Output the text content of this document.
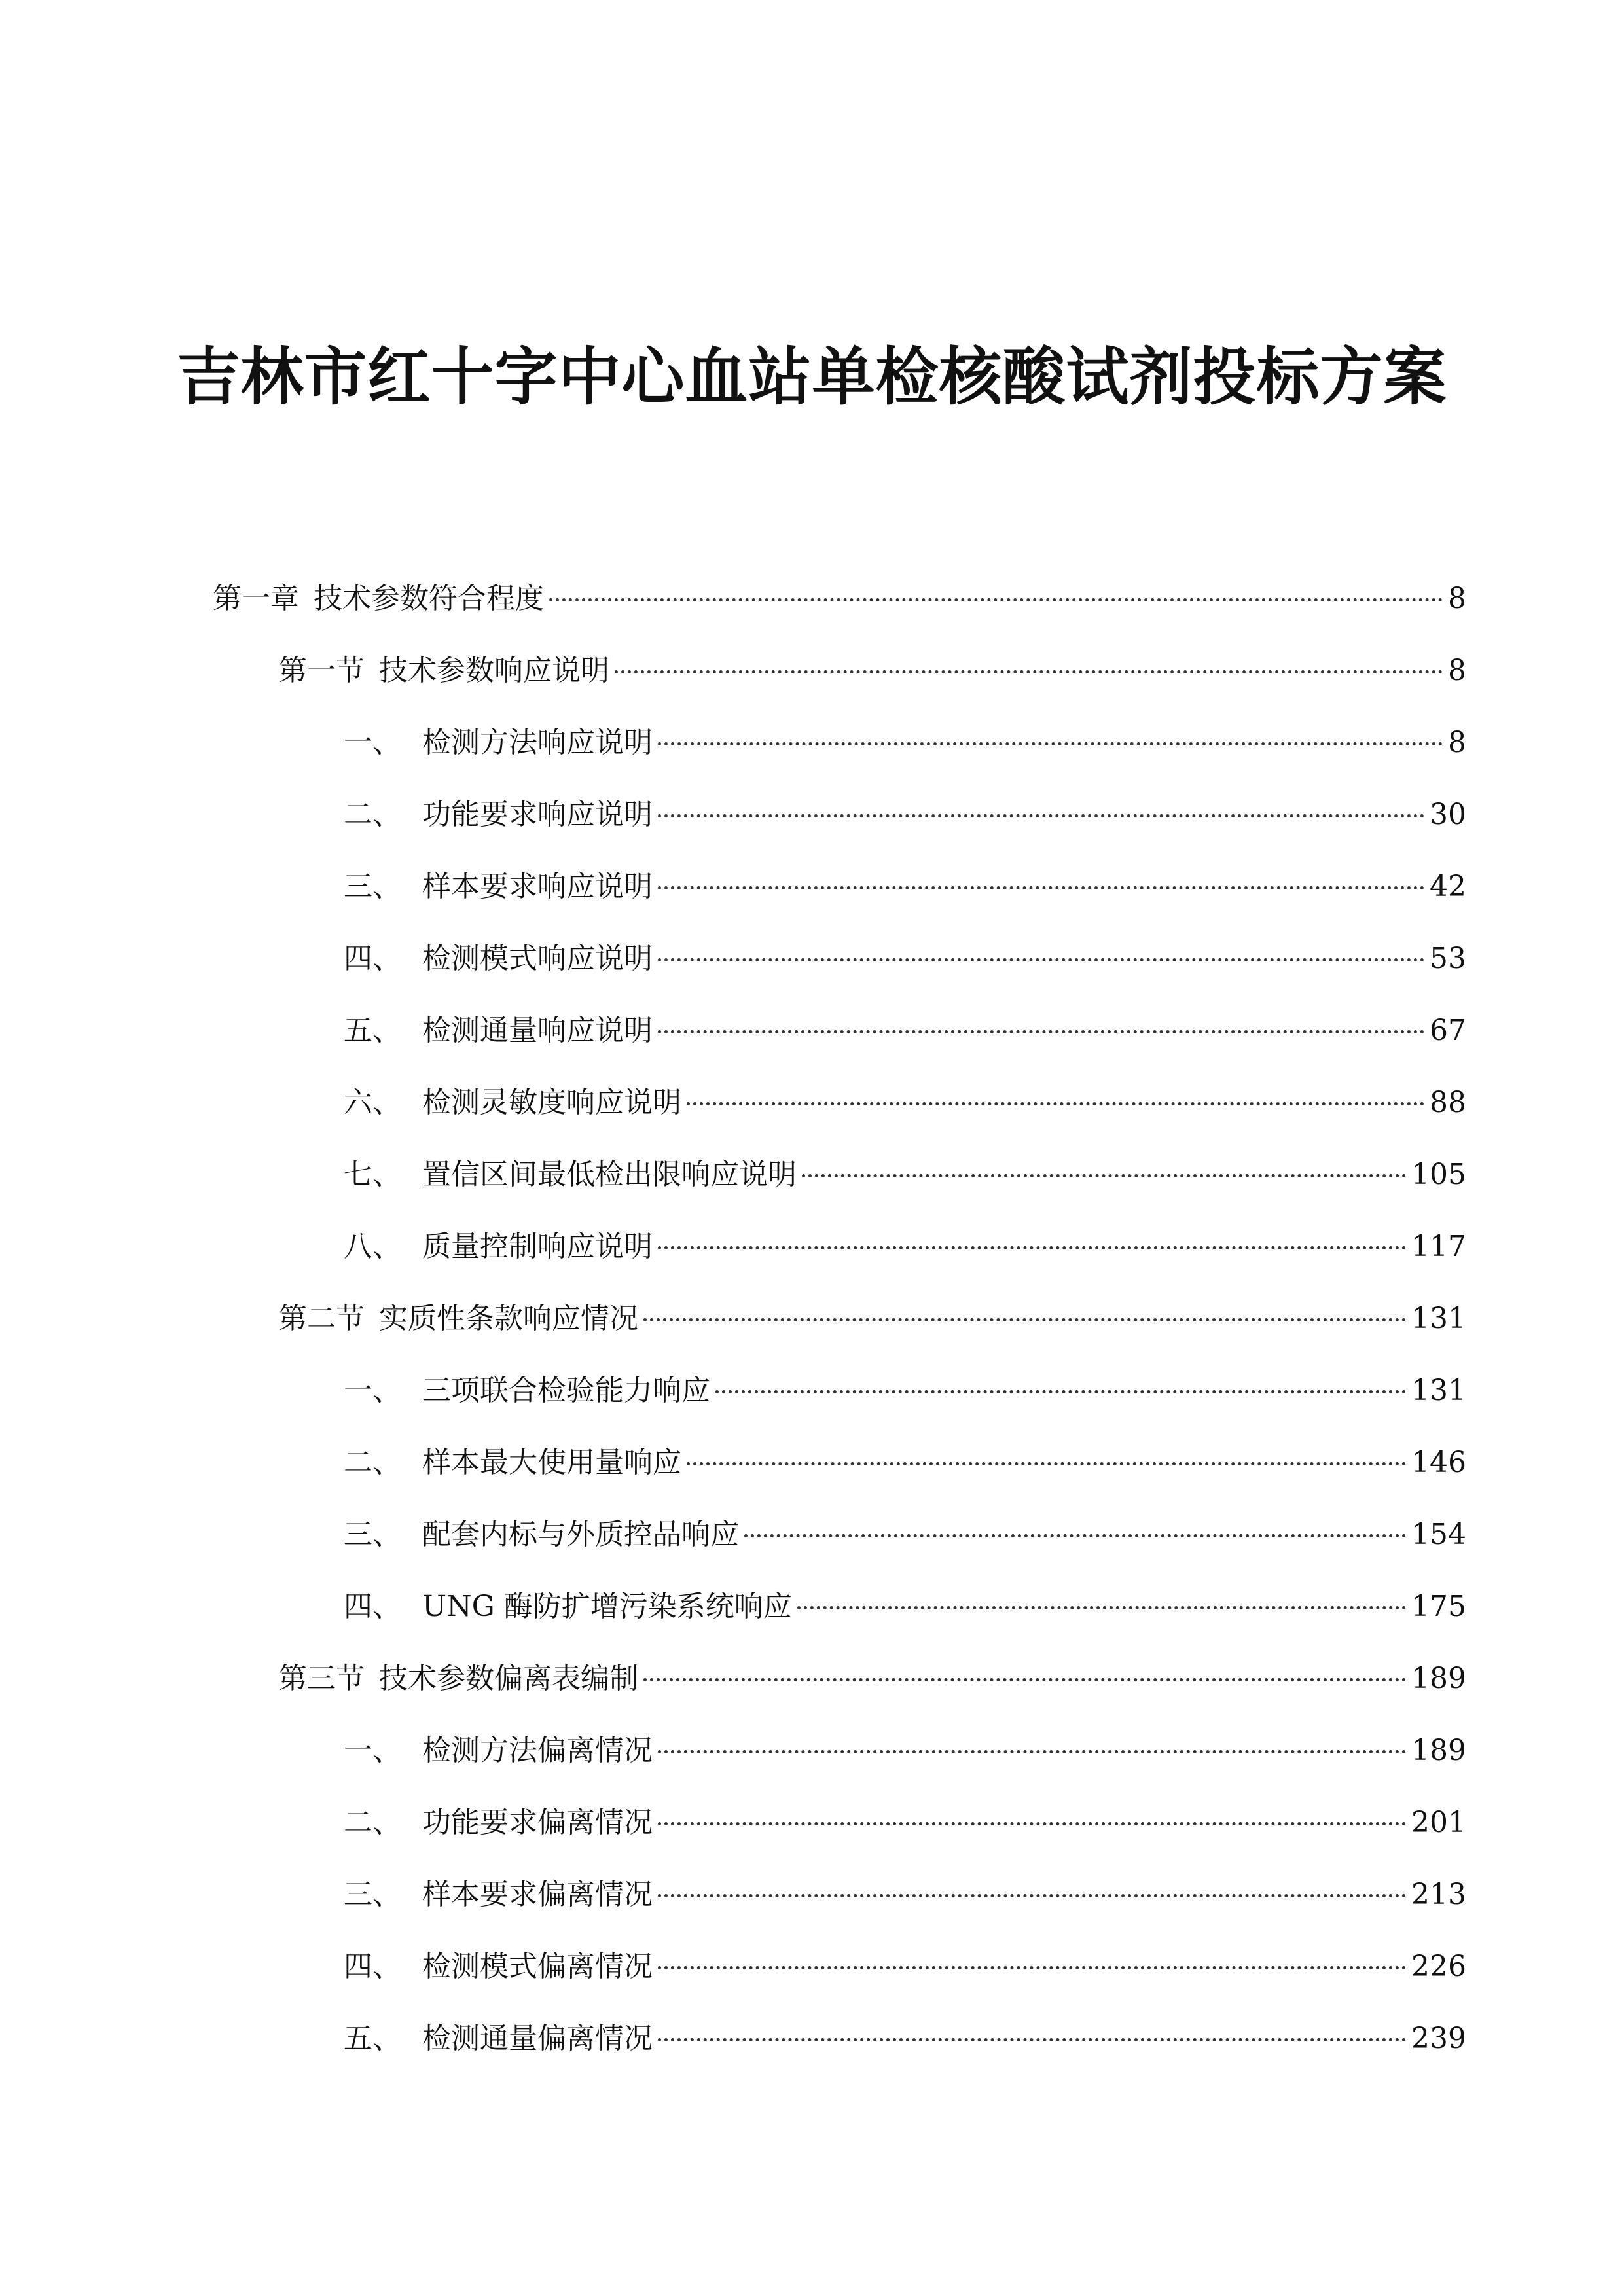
吉林市红十字中心血站单检核酸试剂投标方案
第一章 技术参数符合程度	8
第一节 技术参数响应说明	8
一、 检测方法响应说明	8
二、 功能要求响应说明	30
三、 样本要求响应说明	42
四、 检测模式响应说明	53
五、 检测通量响应说明	67
六、 检测灵敏度响应说明	88
七、 置信区间最低检出限响应说明	105
八、 质量控制响应说明	117
第二节 实质性条款响应情况	131
一、 三项联合检验能力响应	131
二、 样本最大使用量响应	146
三、 配套内标与外质控品响应	154
四、 UNG 酶防扩增污染系统响应	175
第三节 技术参数偏离表编制	189
一、 检测方法偏离情况	189
二、 功能要求偏离情况	201
三、 样本要求偏离情况	213
四、 检测模式偏离情况	226
五、 检测通量偏离情况	239
